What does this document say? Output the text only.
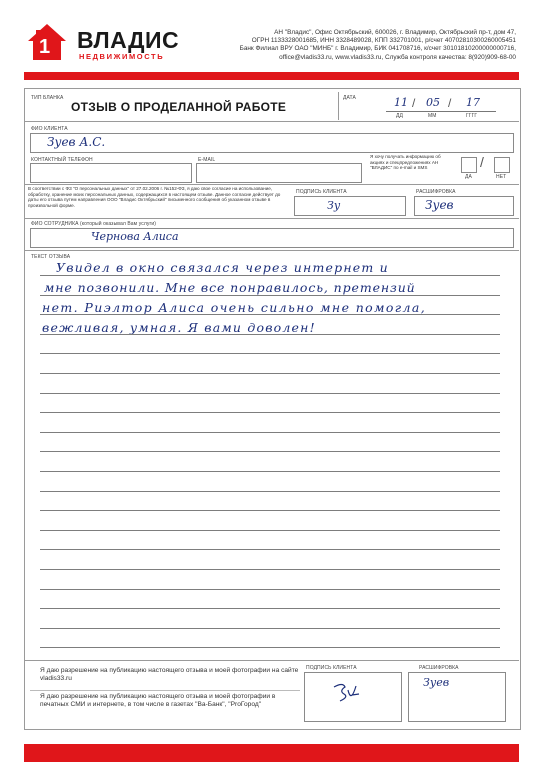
1 ВЛАДИС
НЕДВИЖИМОСТЬ
АН "Владис", Офис Октябрьский, 600026, г. Владимир, Октябрьский пр-т, дом 47,
ОГРН 1133328001685, ИНН 3328489028, КПП 332701001, р/счет 40702810300260005451
Банк Филиал ВРУ ОАО "МИНБ" г. Владимир, БИК 041708716, к/счет 30101810200000000716,
office@vladis33.ru, www.vladis33.ru, Служба контроля качества: 8(920)909-68-00
ТИП БЛАНКА
ОТЗЫВ О ПРОДЕЛАННОЙ РАБОТЕ
ДАТА	11 / 05 / 17
ДД	ММ	ГГГГ
ФИО КЛИЕНТА
Зуев А.С.
КОНТАКТНЫЙ ТЕЛЕФОН	E-MAIL
Я хочу получать информацию об акциях и спецпредложениях АН "ВЛАДИС" по e-mail и SMS	/
ДА	НЕТ
В соответствии с ФЗ "О персональных данных" от 27.02.2006 г. №152-ФЗ, я даю свое согласие на использование, обработку, хранение моих персональных данных, содержащихся в настоящем отзыве. Данное согласие действует до даты его отзыва путем направления ООО "Владис Октябрьский" письменного сообщения об указанном отзыве в произвольной форме.
ПОДПИСЬ КЛИЕНТА
Зу
РАСШИФРОВКА
Зуев
ФИО СОТРУДНИКА (который оказывал Вам услуги)
Чернова Алиса
ТЕКСТ ОТЗЫВА
Увидел в окно связался через интернет и
мне позвонили. Мне все понравилось, претензий
нет. Риэлтор Алиса очень сильно мне помогла,
вежливая, умная. Я вами доволен!
Я даю разрешение на публикацию настоящего отзыва и моей фотографии на сайте vladis33.ru
Я даю разрешение на публикацию настоящего отзыва и моей фотографии в печатных СМИ и интернете, в том числе в газетах "Ва-Банк", "РroГород"
ПОДПИСЬ КЛИЕНТА	РАСШИФРОВКА
Зуев
